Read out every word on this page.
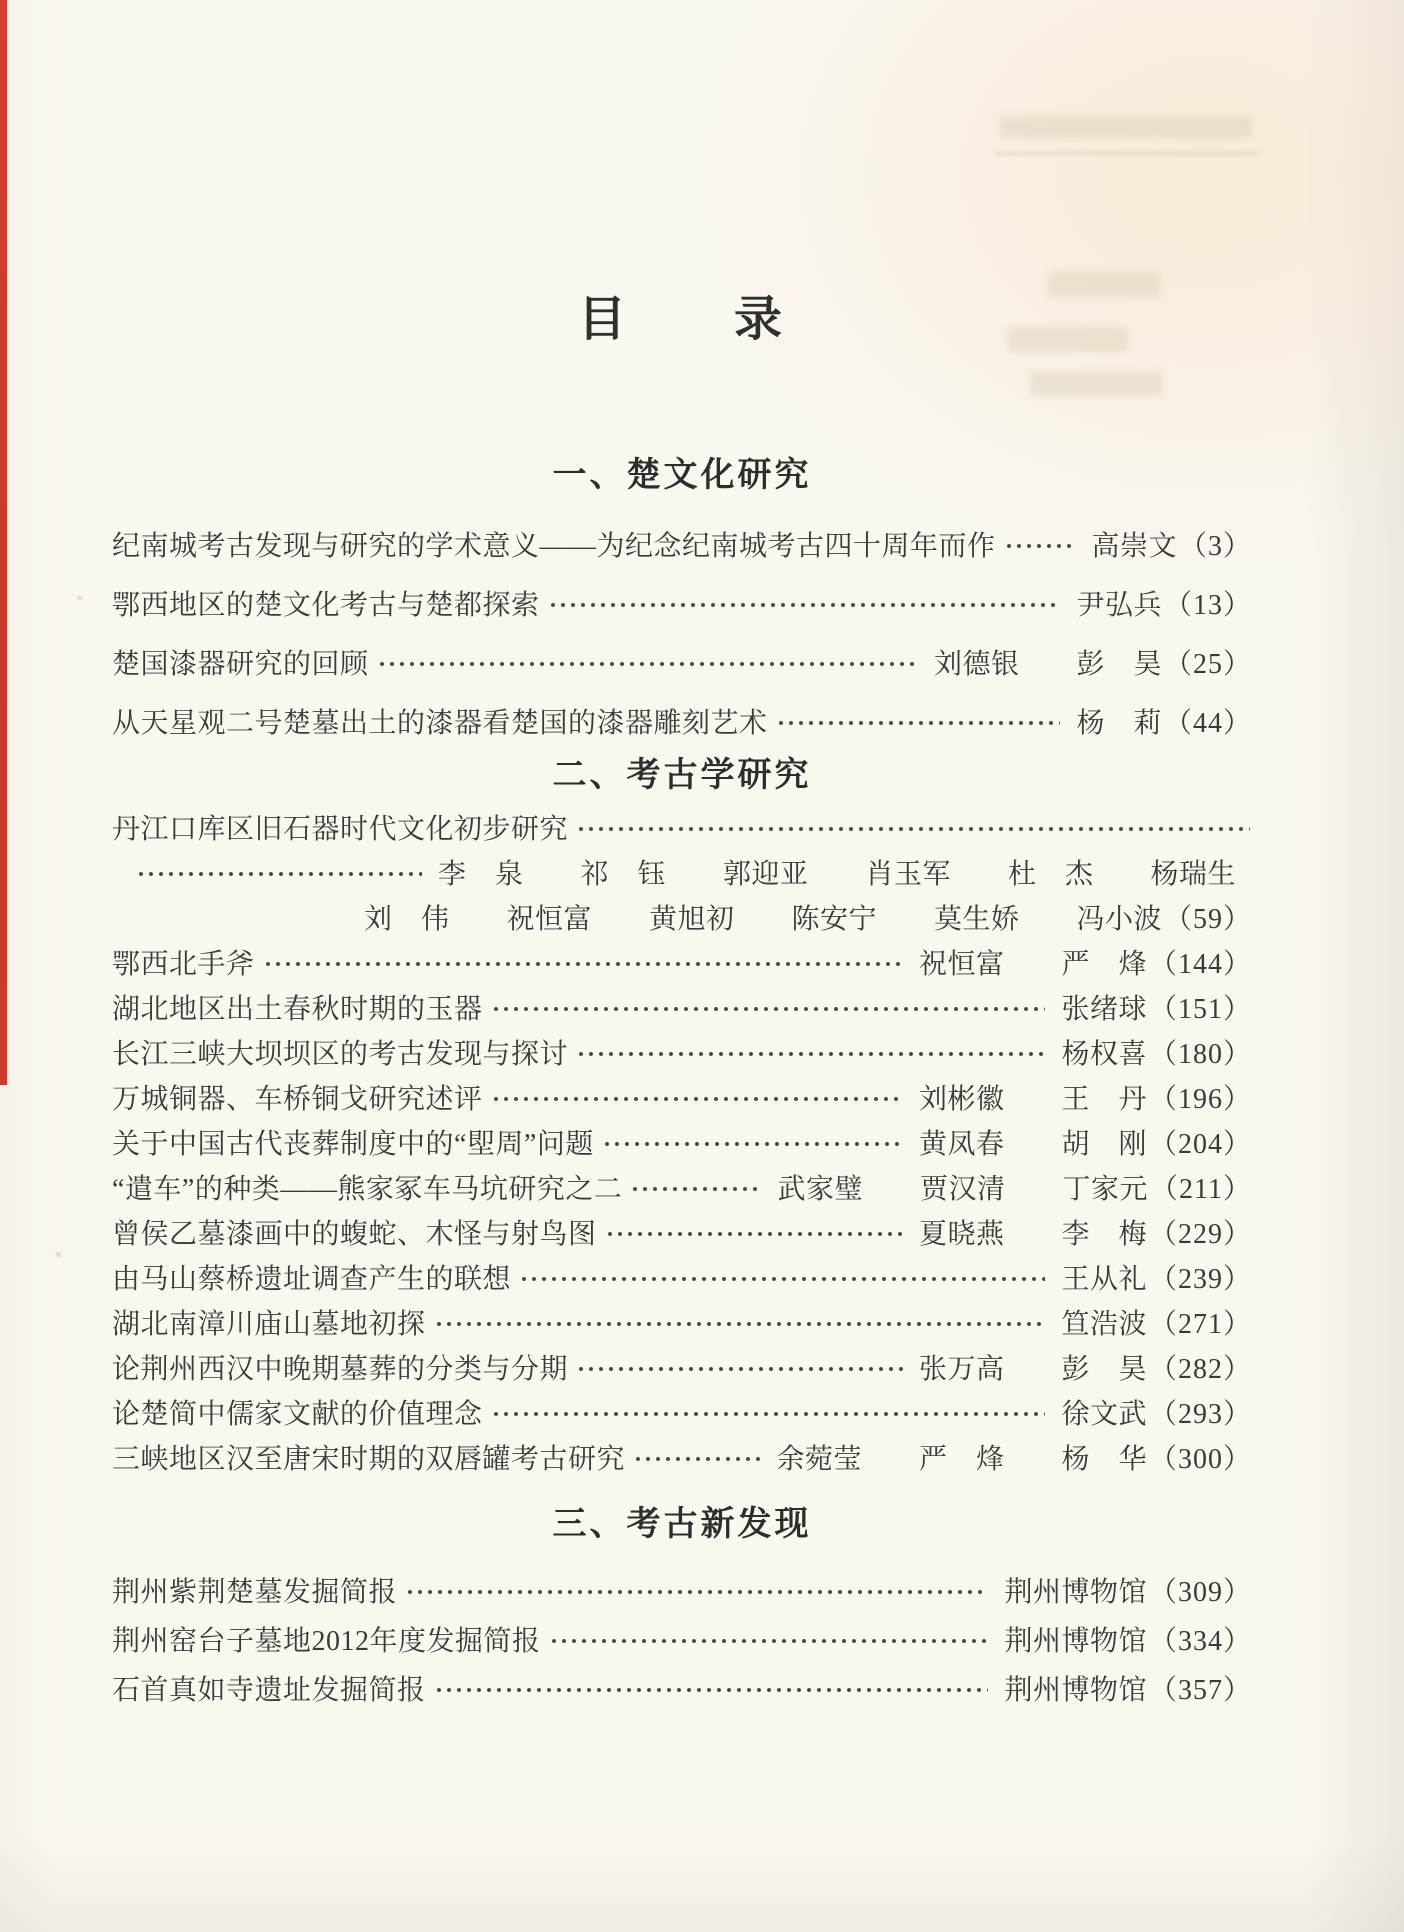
目　　录
一、楚文化研究
纪南城考古发现与研究的学术意义——为纪念纪南城考古四十周年而作	高崇文 （3）
鄂西地区的楚文化考古与楚都探索	尹弘兵 （13）
楚国漆器研究的回顾	刘德银　　彭　昊 （25）
从天星观二号楚墓出土的漆器看楚国的漆器雕刻艺术	杨　莉 （44）
二、考古学研究
丹江口库区旧石器时代文化初步研究
李　泉　　祁　钰　　郭迎亚　　肖玉军　　杜　杰　　杨瑞生
刘　伟　　祝恒富　　黄旭初　　陈安宁　　莫生娇　　冯小波 （59）
鄂西北手斧	祝恒富　　严　烽 （144）
湖北地区出土春秋时期的玉器	张绪球 （151）
长江三峡大坝坝区的考古发现与探讨	杨权喜 （180）
万城铜器、车桥铜戈研究述评	刘彬徽　　王　丹 （196）
关于中国古代丧葬制度中的“堲周”问题	黄凤春　　胡　刚 （204）
“遣车”的种类——熊家冢车马坑研究之二	武家璧　　贾汉清　　丁家元 （211）
曾侯乙墓漆画中的蝮蛇、木怪与射鸟图	夏晓燕　　李　梅 （229）
由马山蔡桥遗址调查产生的联想	王从礼 （239）
湖北南漳川庙山墓地初探	笪浩波 （271）
论荆州西汉中晚期墓葬的分类与分期	张万高　　彭　昊 （282）
论楚简中儒家文献的价值理念	徐文武 （293）
三峡地区汉至唐宋时期的双唇罐考古研究	余菀莹　　严　烽　　杨　华 （300）
三、考古新发现
荆州紫荆楚墓发掘简报	荆州博物馆 （309）
荆州窑台子墓地2012年度发掘简报	荆州博物馆 （334）
石首真如寺遗址发掘简报	荆州博物馆 （357）
